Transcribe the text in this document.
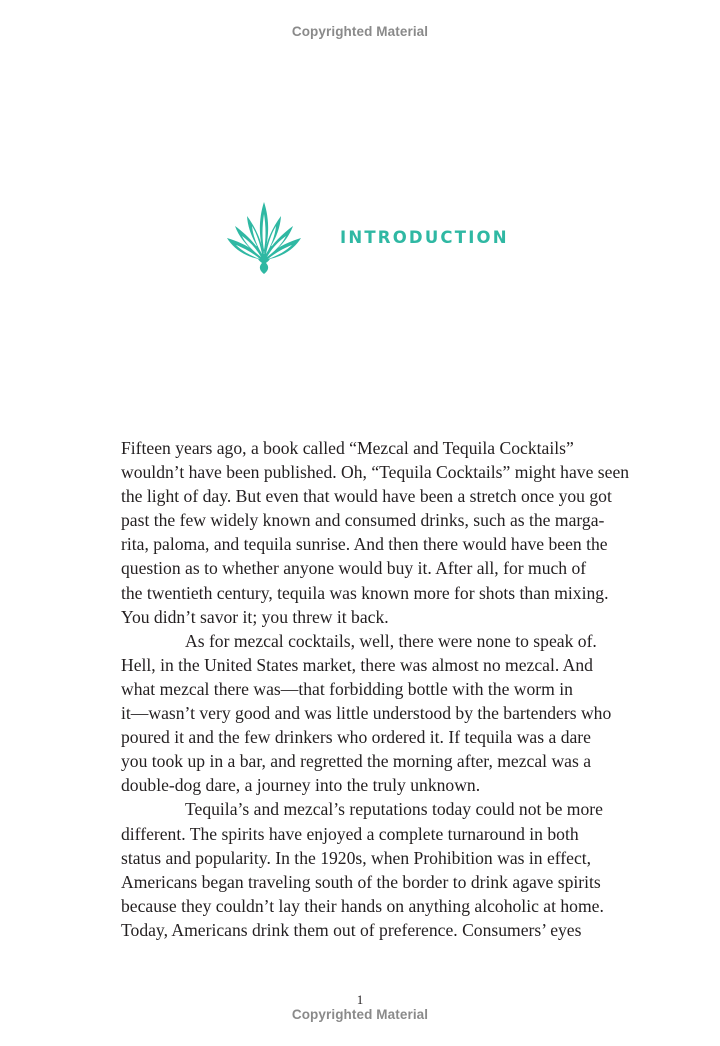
Copyrighted Material
INTRODUCTION

Fifteen years ago, a book called “Mezcal and Tequila Cocktails”
wouldn’t have been published. Oh, “Tequila Cocktails” might have seen
the light of day. But even that would have been a stretch once you got
past the few widely known and consumed drinks, such as the marga-
rita, paloma, and tequila sunrise. And then there would have been the
question as to whether anyone would buy it. After all, for much of
the twentieth century, tequila was known more for shots than mixing.
You didn’t savor it; you threw it back.

As for mezcal cocktails, well, there were none to speak of.
Hell, in the United States market, there was almost no mezcal. And
what mezcal there was—that forbidding bottle with the worm in
it—wasn’t very good and was little understood by the bartenders who
poured it and the few drinkers who ordered it. If tequila was a dare
you took up in a bar, and regretted the morning after, mezcal was a
double-dog dare, a journey into the truly unknown.

Tequila’s and mezcal’s reputations today could not be more
different. The spirits have enjoyed a complete turnaround in both
status and popularity. In the 1920s, when Prohibition was in effect,
Americans began traveling south of the border to drink agave spirits
because they couldn’t lay their hands on anything alcoholic at home.
Today, Americans drink them out of preference. Consumers’ eyes

1
Copyrighted Material
